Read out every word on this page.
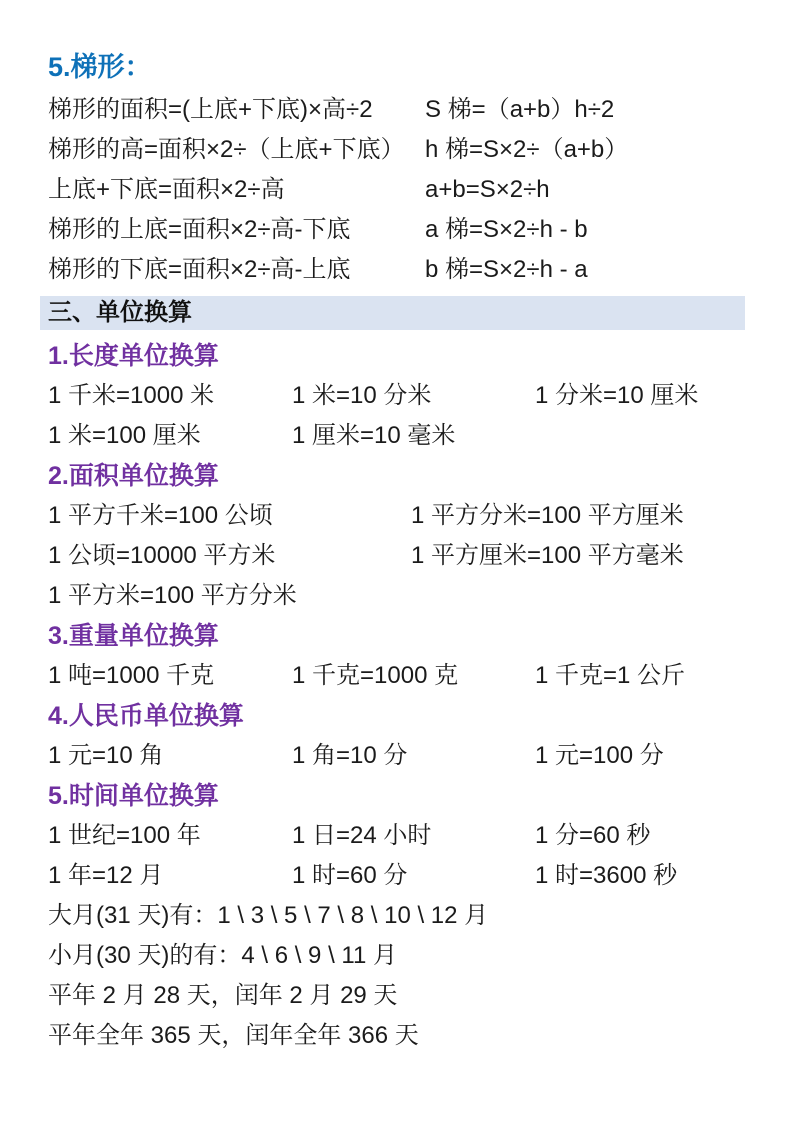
5.梯形：
梯形的面积=(上底+下底)×高÷2	S 梯=（a+b）h÷2
梯形的高=面积×2÷（上底+下底） h 梯=S×2÷（a+b）
上底+下底=面积×2÷高	a+b=S×2÷h
梯形的上底=面积×2÷高-下底	a 梯=S×2÷h - b
梯形的下底=面积×2÷高-上底	b 梯=S×2÷h - a
三、单位换算
1.长度单位换算
1 千米=1000 米	1 米=10 分米	1 分米=10 厘米
1 米=100 厘米	1 厘米=10 毫米
2.面积单位换算
1 平方千米=100 公顷	1 平方分米=100 平方厘米
1 公顷=10000 平方米	1 平方厘米=100 平方毫米
1 平方米=100 平方分米
3.重量单位换算
1 吨=1000 千克	1 千克=1000 克	1 千克=1 公斤
4.人民币单位换算
1 元=10 角	1 角=10 分	1 元=100 分
5.时间单位换算
1 世纪=100 年	1 日=24 小时	1 分=60 秒
1 年=12 月	1 时=60 分	1 时=3600 秒
大月(31 天)有：1 \ 3 \ 5 \ 7 \ 8 \ 10 \ 12 月
小月(30 天)的有：4 \ 6 \ 9 \ 11 月
平年 2 月 28 天，闰年 2 月 29 天
平年全年 365 天，闰年全年 366 天
